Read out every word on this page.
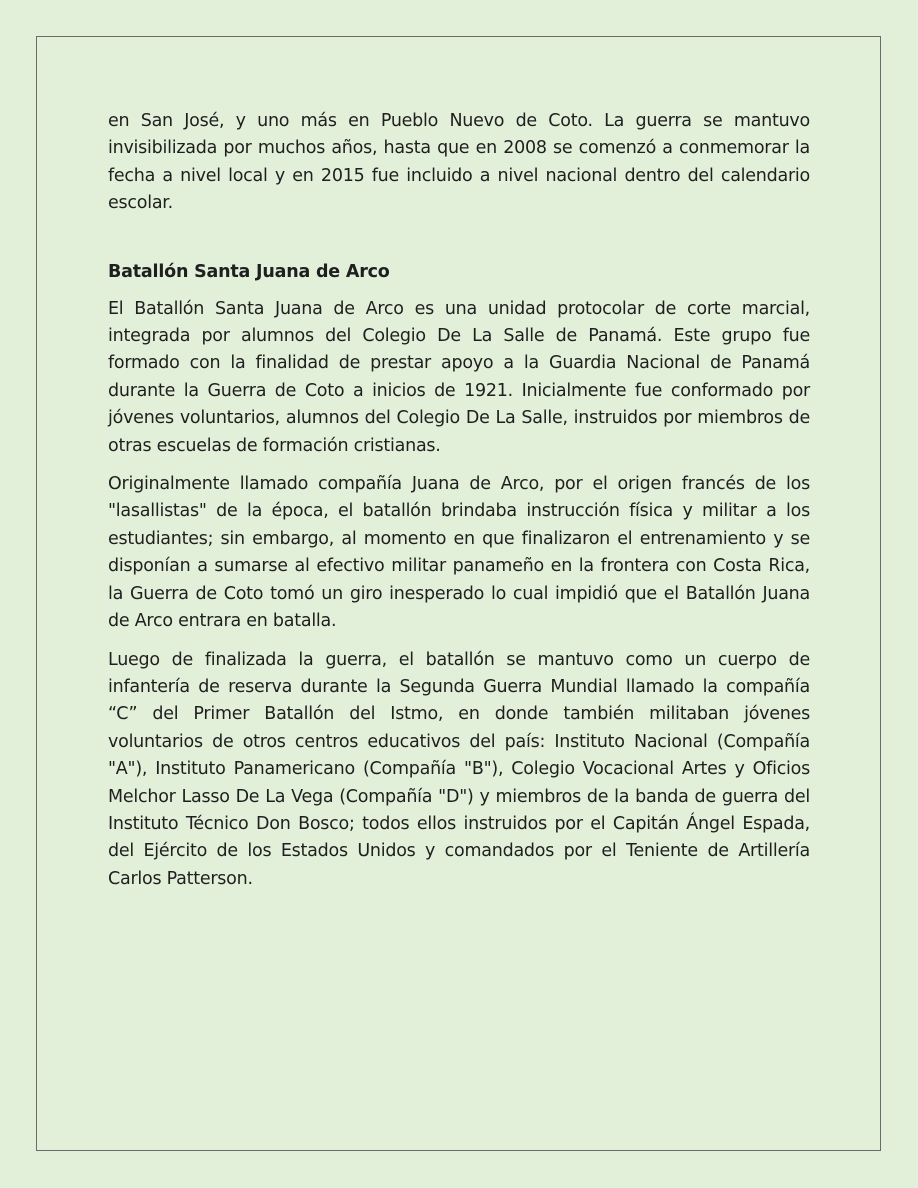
en San José, y uno más en Pueblo Nuevo de Coto. La guerra se mantuvo invisibilizada por muchos años, hasta que en 2008 se comenzó a conmemorar la fecha a nivel local y en 2015 fue incluido a nivel nacional dentro del calendario escolar.

Batallón Santa Juana de Arco

El Batallón Santa Juana de Arco es una unidad protocolar de corte marcial, integrada por alumnos del Colegio De La Salle de Panamá. Este grupo fue formado con la finalidad de prestar apoyo a la Guardia Nacional de Panamá durante la Guerra de Coto a inicios de 1921. Inicialmente fue conformado por jóvenes voluntarios, alumnos del Colegio De La Salle, instruidos por miembros de otras escuelas de formación cristianas.

Originalmente llamado compañía Juana de Arco, por el origen francés de los "lasallistas" de la época, el batallón brindaba instrucción física y militar a los estudiantes; sin embargo, al momento en que finalizaron el entrenamiento y se disponían a sumarse al efectivo militar panameño en la frontera con Costa Rica, la Guerra de Coto tomó un giro inesperado lo cual impidió que el Batallón Juana de Arco entrara en batalla.

Luego de finalizada la guerra, el batallón se mantuvo como un cuerpo de infantería de reserva durante la Segunda Guerra Mundial llamado la compañía “C” del Primer Batallón del Istmo, en donde también militaban jóvenes voluntarios de otros centros educativos del país: Instituto Nacional (Compañía "A"), Instituto Panamericano (Compañía "B"), Colegio Vocacional Artes y Oficios Melchor Lasso De La Vega (Compañía "D") y miembros de la banda de guerra del Instituto Técnico Don Bosco; todos ellos instruidos por el Capitán Ángel Espada, del Ejército de los Estados Unidos y comandados por el Teniente de Artillería Carlos Patterson.
